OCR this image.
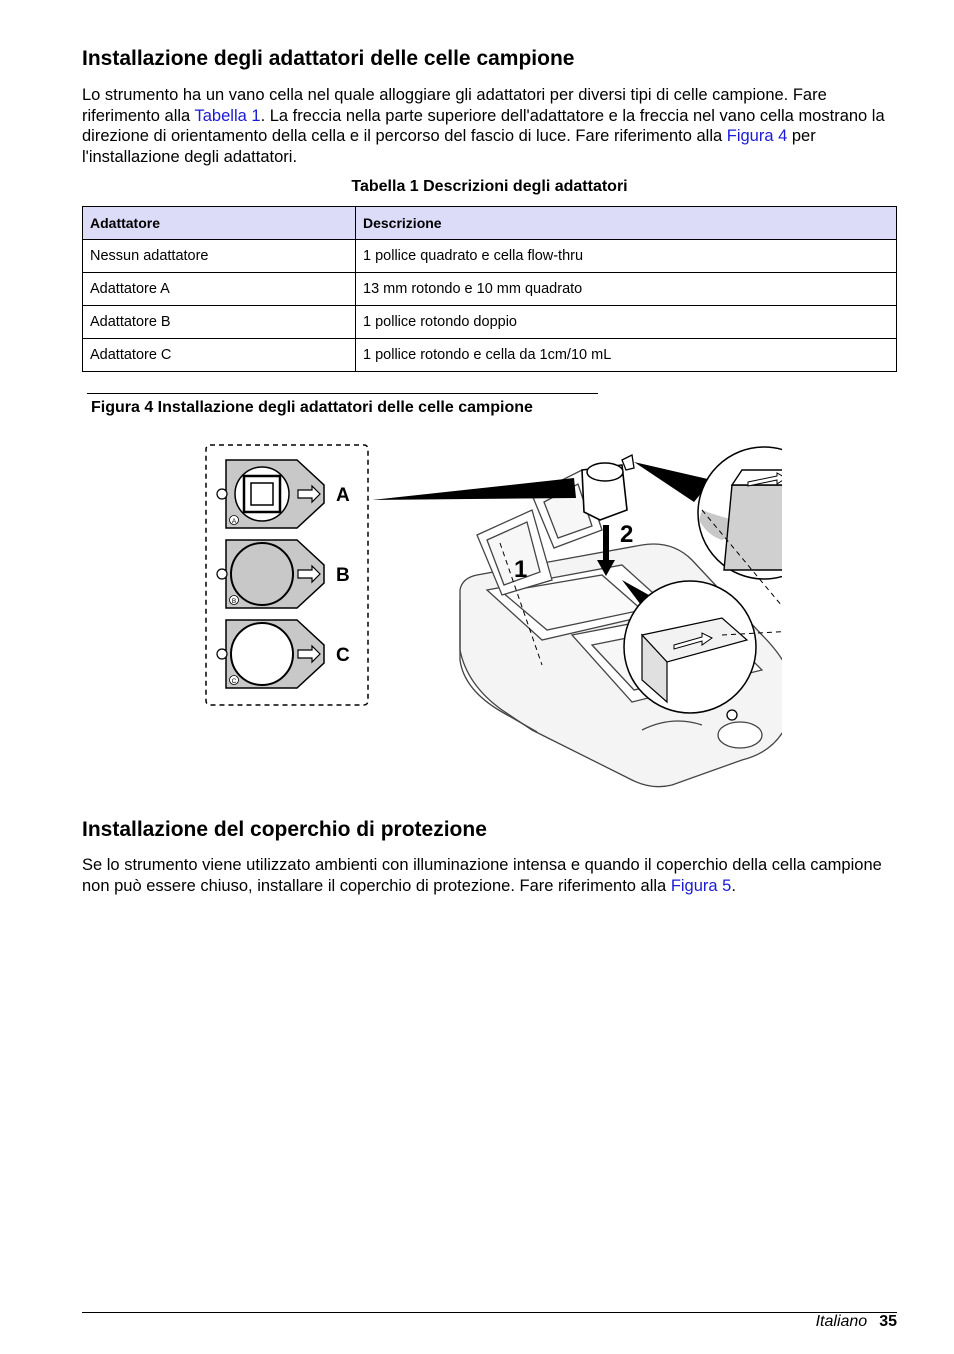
Installazione degli adattatori delle celle campione

Lo strumento ha un vano cella nel quale alloggiare gli adattatori per diversi tipi di celle campione. Fare riferimento alla Tabella 1. La freccia nella parte superiore dell'adattatore e la freccia nel vano cella mostrano la direzione di orientamento della cella e il percorso del fascio di luce. Fare riferimento alla Figura 4 per l'installazione degli adattatori.

Tabella 1 Descrizioni degli adattatori
Adattatore	Descrizione
Nessun adattatore	1 pollice quadrato e cella flow-thru
Adattatore A	13 mm rotondo e 10 mm quadrato
Adattatore B	1 pollice rotondo doppio
Adattatore C	1 pollice rotondo e cella da 1cm/10 mL
Figura 4 Installazione degli adattatori delle celle campione
A
B
C
A
B
C
2
1
Installazione del coperchio di protezione

Se lo strumento viene utilizzato ambienti con illuminazione intensa e quando il coperchio della cella campione non può essere chiuso, installare il coperchio di protezione. Fare riferimento alla Figura 5.

Italiano 35
